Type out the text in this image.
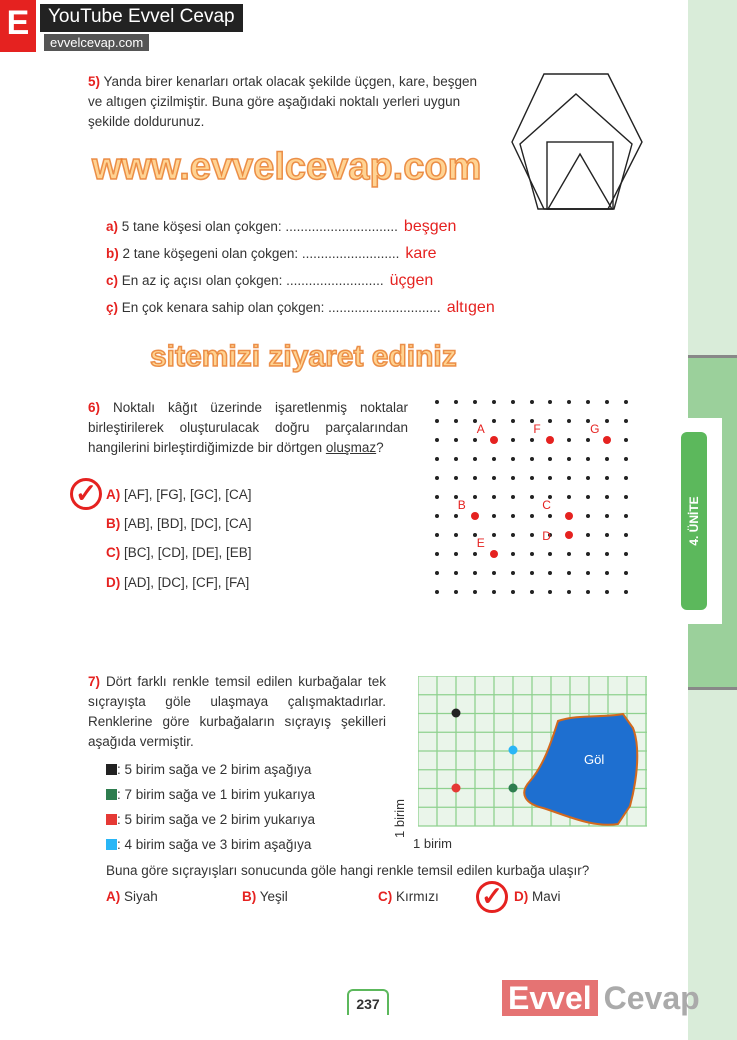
4. ÜNİTE
E YouTube Evvel Cevap
evvelcevap.com
5) Yanda birer kenarları ortak olacak şekilde üçgen, kare, beşgen ve altıgen çizilmiştir. Buna göre aşağıdaki noktalı yerleri uygun şekilde doldurunuz.
www.evvelcevap.com
a)
5 tane köşesi olan çokgen: .............................. beşgen
b)
2 tane köşegeni olan çokgen: .......................... kare
c)
En az iç açısı olan çokgen: .......................... üçgen
ç)
En çok kenara sahip olan çokgen: .............................. altıgen
sitemizi ziyaret ediniz
6) Noktalı kâğıt üzerinde işaretlenmiş noktalar birleştirilerek oluşturulacak doğru parçalarından hangilerini birleştirdiğimizde bir dörtgen oluşmaz?
✓ A) [AF], [FG], [GC], [CA]
B) [AB], [BD], [DC], [CA]
C) [BC], [CD], [DE], [EB]
D) [AD], [DC], [CF], [FA]
A	F	G
B	C
D
E
7) Dört farklı renkle temsil edilen kurbağalar tek sıçrayışta göle ulaşmaya çalışmaktadırlar. Renklerine göre kurbağaların sıçrayış şekilleri aşağıda vermiştir.
: 5 birim sağa ve 2 birim aşağıya
: 7 birim sağa ve 1 birim yukarıya
: 5 birim sağa ve 2 birim yukarıya
: 4 birim sağa ve 3 birim aşağıya
Göl
1 birim
1 birim
Buna göre sıçrayışları sonucunda göle hangi renkle temsil edilen kurbağa ulaşır?
A) Siyah	B) Yeşil	C) Kırmızı ✓ D) Mavi
237	Evvel Cevap
